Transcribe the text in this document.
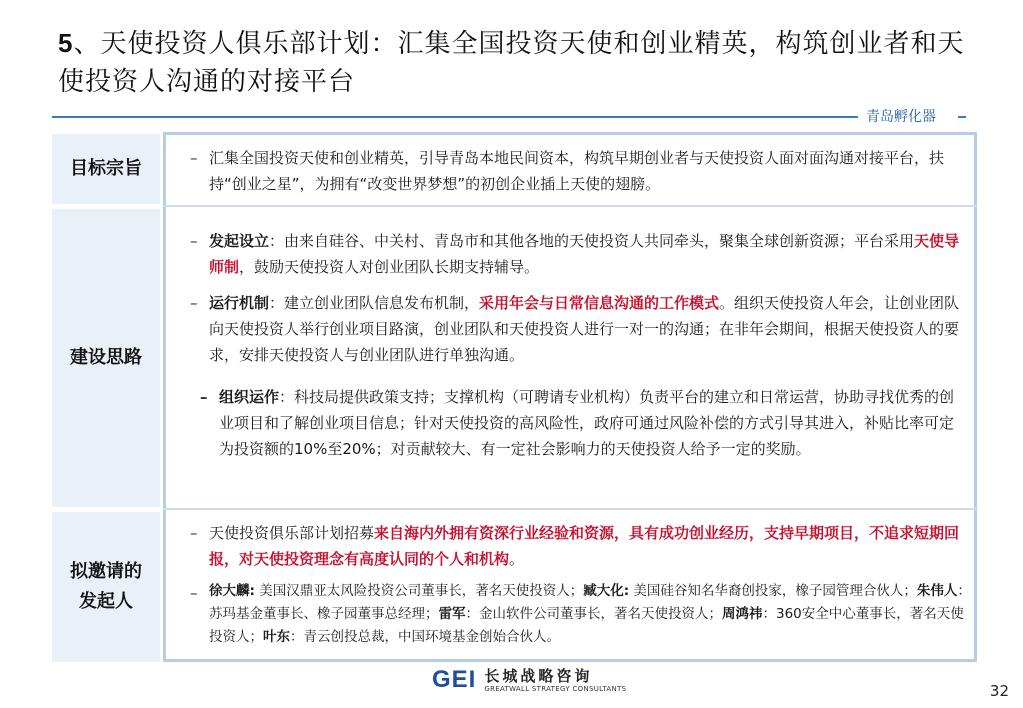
5、天使投资人俱乐部计划：汇集全国投资天使和创业精英，构筑创业者和天使投资人沟通的对接平台
青岛孵化器
目标宗旨
建设思路
拟邀请的
发起人
– 汇集全国投资天使和创业精英，引导青岛本地民间资本，构筑早期创业者与天使投资人面对面沟通对接平台，扶持“创业之星”，为拥有“改变世界梦想”的初创企业插上天使的翅膀。
– 发起设立：由来自硅谷、中关村、青岛市和其他各地的天使投资人共同牵头，聚集全球创新资源；平台采用天使导师制，鼓励天使投资人对创业团队长期支持辅导。
– 运行机制：建立创业团队信息发布机制，采用年会与日常信息沟通的工作模式。组织天使投资人年会，让创业团队向天使投资人举行创业项目路演，创业团队和天使投资人进行一对一的沟通；在非年会期间，根据天使投资人的要求，安排天使投资人与创业团队进行单独沟通。
– 组织运作：科技局提供政策支持；支撑机构（可聘请专业机构）负责平台的建立和日常运营，协助寻找优秀的创业项目和了解创业项目信息；针对天使投资的高风险性，政府可通过风险补偿的方式引导其进入，补贴比率可定为投资额的10%至20%；对贡献较大、有一定社会影响力的天使投资人给予一定的奖励。
– 天使投资俱乐部计划招募来自海内外拥有资深行业经验和资源，具有成功创业经历，支持早期项目，不追求短期回报，对天使投资理念有高度认同的个人和机构。
– 徐大麟: 美国汉鼎亚太风险投资公司董事长，著名天使投资人；臧大化: 美国硅谷知名华裔创投家，橡子园管理合伙人；朱伟人：苏玛基金董事长、橡子园董事总经理；雷军：金山软件公司董事长，著名天使投资人；周鸿祎：360安全中心董事长，著名天使投资人；叶东：青云创投总裁，中国环境基金创始合伙人。
GEI 长城战略咨询
GREATWALL STRATEGY CONSULTANTS	32
